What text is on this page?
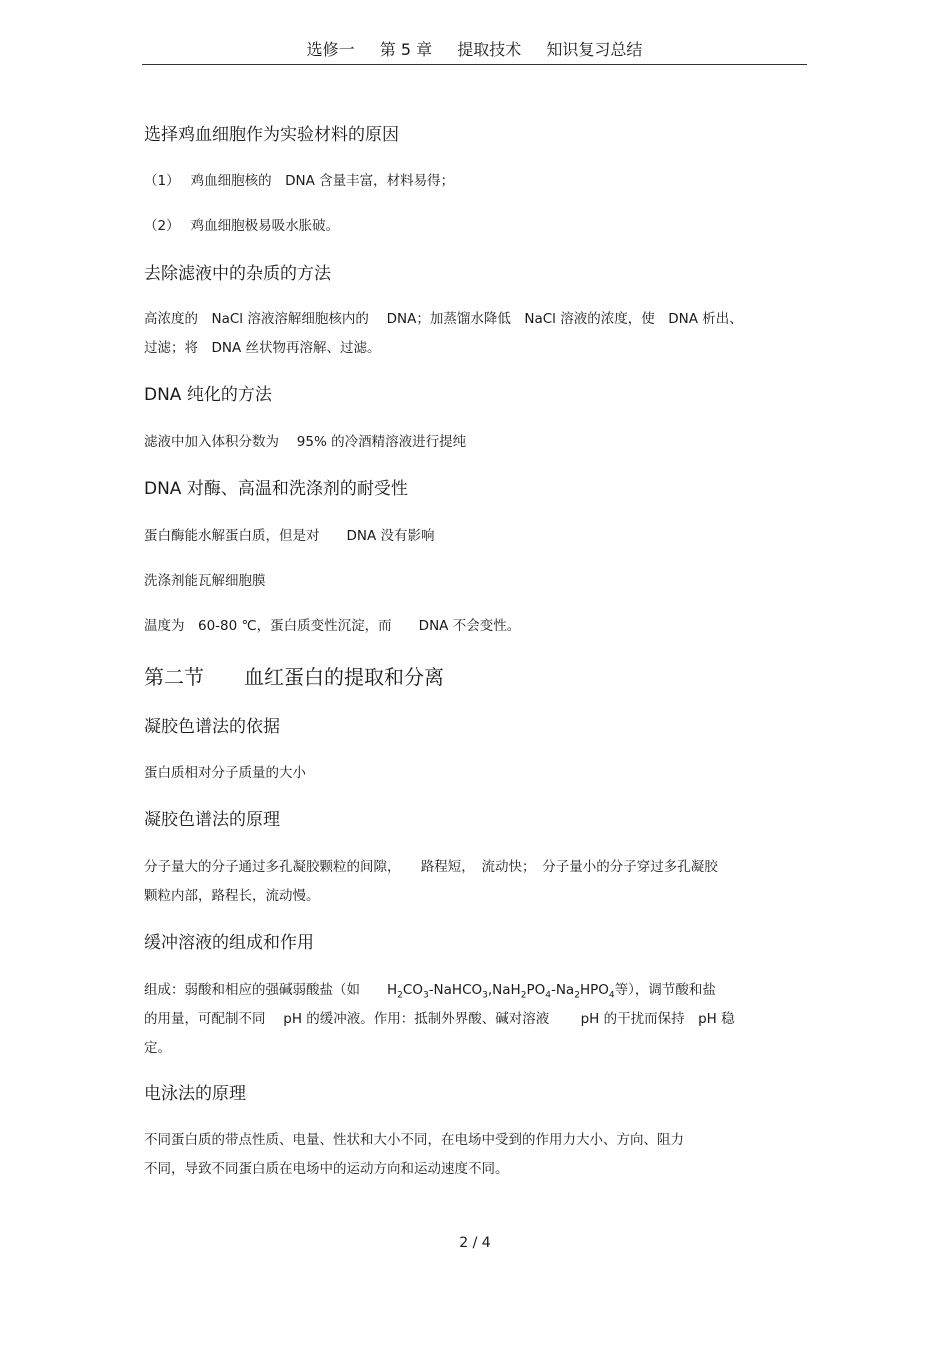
选修一 第 5 章 提取技术 知识复习总结
选择鸡血细胞作为实验材料的原因
（1）　 鸡血细胞核的　DNA 含量丰富，材料易得；
（2）　 鸡血细胞极易吸水胀破。
去除滤液中的杂质的方法
高浓度的　NaCl 溶液溶解细胞核内的　 DNA；加蒸馏水降低　NaCl 溶液的浓度，使　DNA 析出、
过滤；将　DNA 丝状物再溶解、过滤。
DNA 纯化的方法
滤液中加入体积分数为　 95% 的冷酒精溶液进行提纯
DNA 对酶、高温和洗涤剂的耐受性
蛋白酶能水解蛋白质，但是对　　DNA 没有影响
洗涤剂能瓦解细胞膜
温度为　60-80 ℃，蛋白质变性沉淀，而　　DNA 不会变性。
第二节　　血红蛋白的提取和分离
凝胶色谱法的依据
蛋白质相对分子质量的大小
凝胶色谱法的原理
分子量大的分子通过多孔凝胶颗粒的间隙，　　路程短，　流动快；　分子量小的分子穿过多孔凝胶
颗粒内部，路程长，流动慢。
缓冲溶液的组成和作用
组成：弱酸和相应的强碱弱酸盐（如　　$H_2CO_3-NaHCO_3,NaH_2PO_4-Na_2HPO_4$等），调节酸和盐
的用量，可配制不同　 pH 的缓冲液。作用：抵制外界酸、碱对溶液　　 pH 的干扰而保持　pH 稳
定。
电泳法的原理
不同蛋白质的带点性质、电量、性状和大小不同，在电场中受到的作用力大小、方向、阻力
不同，导致不同蛋白质在电场中的运动方向和运动速度不同。
2 / 4
